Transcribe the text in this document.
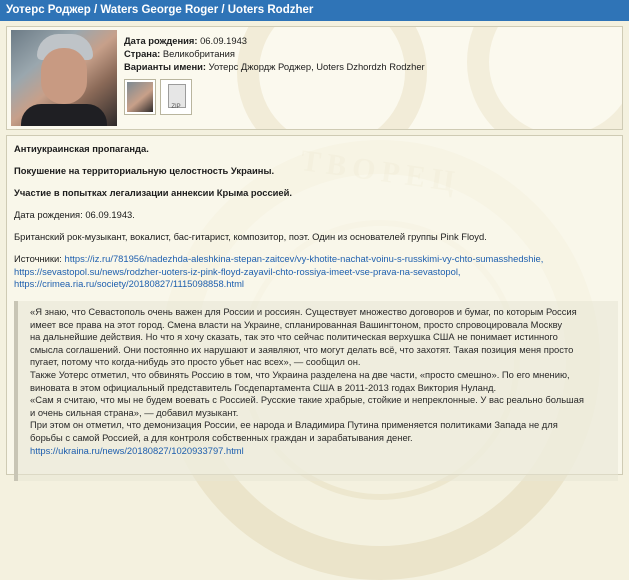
Уотерс Роджер / Waters George Roger / Uoters Rodzher
Дата рождения: 06.09.1943
Страна: Великобритания
Варианты имени: Уотерс Джордж Роджер, Uoters Dzhordzh Rodzher
ZIP
Антиукраинская пропаганда.
Покушение на территориальную целостность Украины.
Участие в попытках легализации аннексии Крыма россией.
Дата рождения: 06.09.1943.
Британский рок-музыкант, вокалист, бас-гитарист, композитор, поэт. Один из основателей группы Pink Floyd.
Источники: https://iz.ru/781956/nadezhda-aleshkina-stepan-zaitcev/vy-khotite-nachat-voinu-s-russkimi-vy-chto-sumasshedshie,
https://sevastopol.su/news/rodzher-uoters-iz-pink-floyd-zayavil-chto-rossiya-imeet-vse-prava-na-sevastopol,
https://crimea.ria.ru/society/20180827/1115098858.html
«Я знаю, что Севастополь очень важен для России и россиян. Существует множество договоров и бумаг, по которым Россия
имеет все права на этот город. Смена власти на Украине, спланированная Вашингтоном, просто спровоцировала Москву
на дальнейшие действия. Но что я хочу сказать, так это что сейчас политическая верхушка США не понимает истинного
смысла соглашений. Они постоянно их нарушают и заявляют, что могут делать всё, что захотят. Такая позиция меня просто
пугает, потому что когда-нибудь это просто убьет нас всех», — сообщил он.
Также Уотерс отметил, что обвинять Россию в том, что Украина разделена на две части, «просто смешно». По его мнению,
виновата в этом официальный представитель Госдепартамента США в 2011-2013 годах Виктория Нуланд.
«Сам я считаю, что мы не будем воевать с Россией. Русские такие храбрые, стойкие и непреклонные. У вас реально большая
и очень сильная страна», — добавил музыкант.
При этом он отметил, что демонизация России, ее народа и Владимира Путина применяется политиками Запада не для
борьбы с самой Россией, а для контроля собственных граждан и зарабатывания денег.
https://ukraina.ru/news/20180827/1020933797.html
